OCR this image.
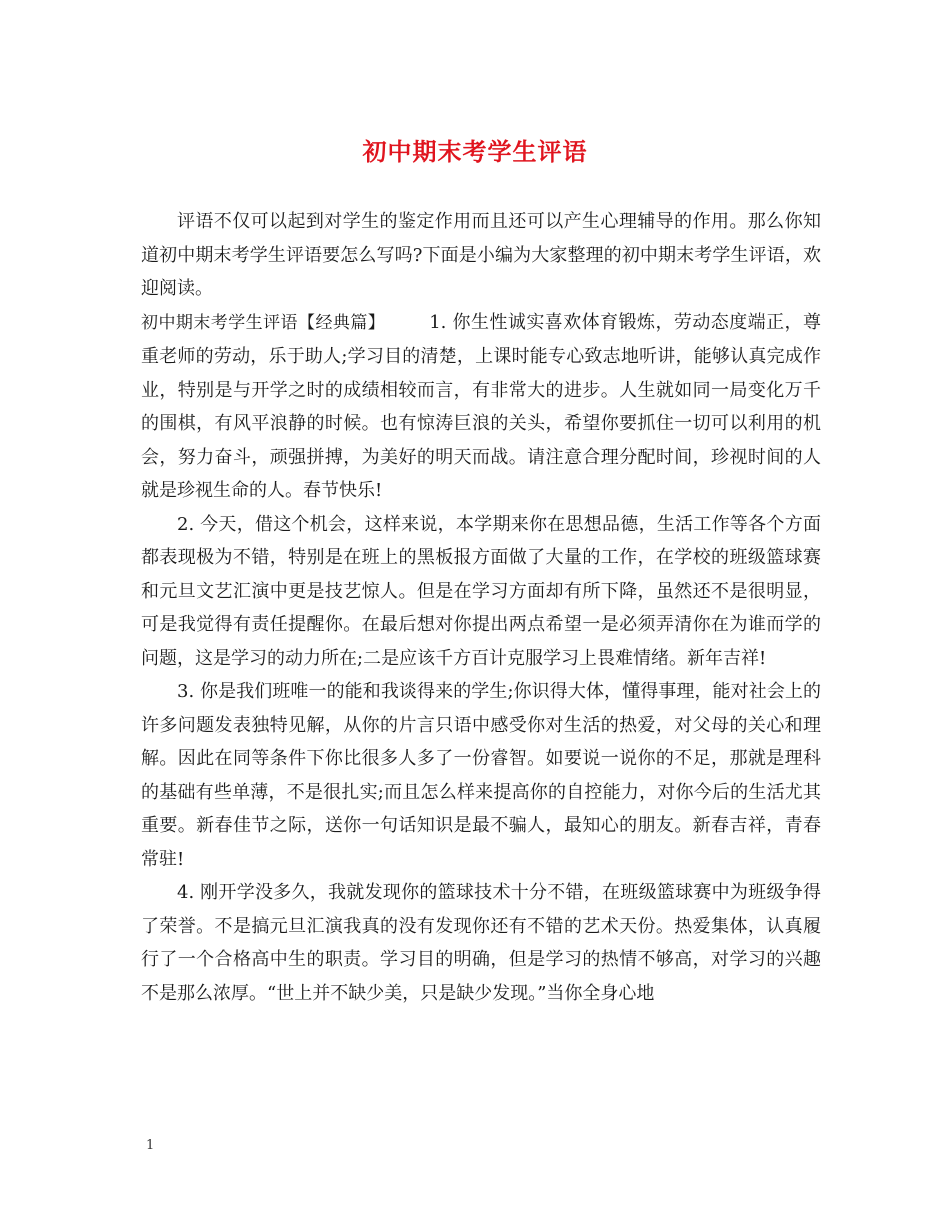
初中期末考学生评语

评语不仅可以起到对学生的鉴定作用而且还可以产生心理辅导的作用。那么你知道初中期末考学生评语要怎么写吗?下面是小编为大家整理的初中期末考学生评语，欢迎阅读。

初中期末考学生评语【经典篇】 1. 你生性诚实喜欢体育锻炼，劳动态度端正，尊重老师的劳动，乐于助人;学习目的清楚，上课时能专心致志地听讲，能够认真完成作业，特别是与开学之时的成绩相较而言，有非常大的进步。人生就如同一局变化万千的围棋，有风平浪静的时候。也有惊涛巨浪的关头，希望你要抓住一切可以利用的机会，努力奋斗，顽强拼搏，为美好的明天而战。请注意合理分配时间，珍视时间的人就是珍视生命的人。春节快乐!

2. 今天，借这个机会，这样来说，本学期来你在思想品德，生活工作等各个方面都表现极为不错，特别是在班上的黑板报方面做了大量的工作，在学校的班级篮球赛和元旦文艺汇演中更是技艺惊人。但是在学习方面却有所下降，虽然还不是很明显，可是我觉得有责任提醒你。在最后想对你提出两点希望一是必须弄清你在为谁而学的问题，这是学习的动力所在;二是应该千方百计克服学习上畏难情绪。新年吉祥!

3. 你是我们班唯一的能和我谈得来的学生;你识得大体，懂得事理，能对社会上的许多问题发表独特见解，从你的片言只语中感受你对生活的热爱，对父母的关心和理解。因此在同等条件下你比很多人多了一份睿智。如要说一说你的不足，那就是理科的基础有些单薄，不是很扎实;而且怎么样来提高你的自控能力，对你今后的生活尤其重要。新春佳节之际，送你一句话知识是最不骗人，最知心的朋友。新春吉祥，青春常驻!

4. 刚开学没多久，我就发现你的篮球技术十分不错，在班级篮球赛中为班级争得了荣誉。不是搞元旦汇演我真的没有发现你还有不错的艺术天份。热爱集体，认真履行了一个合格高中生的职责。学习目的明确，但是学习的热情不够高，对学习的兴趣不是那么浓厚。“世上并不缺少美，只是缺少发现。”当你全身心地

1
